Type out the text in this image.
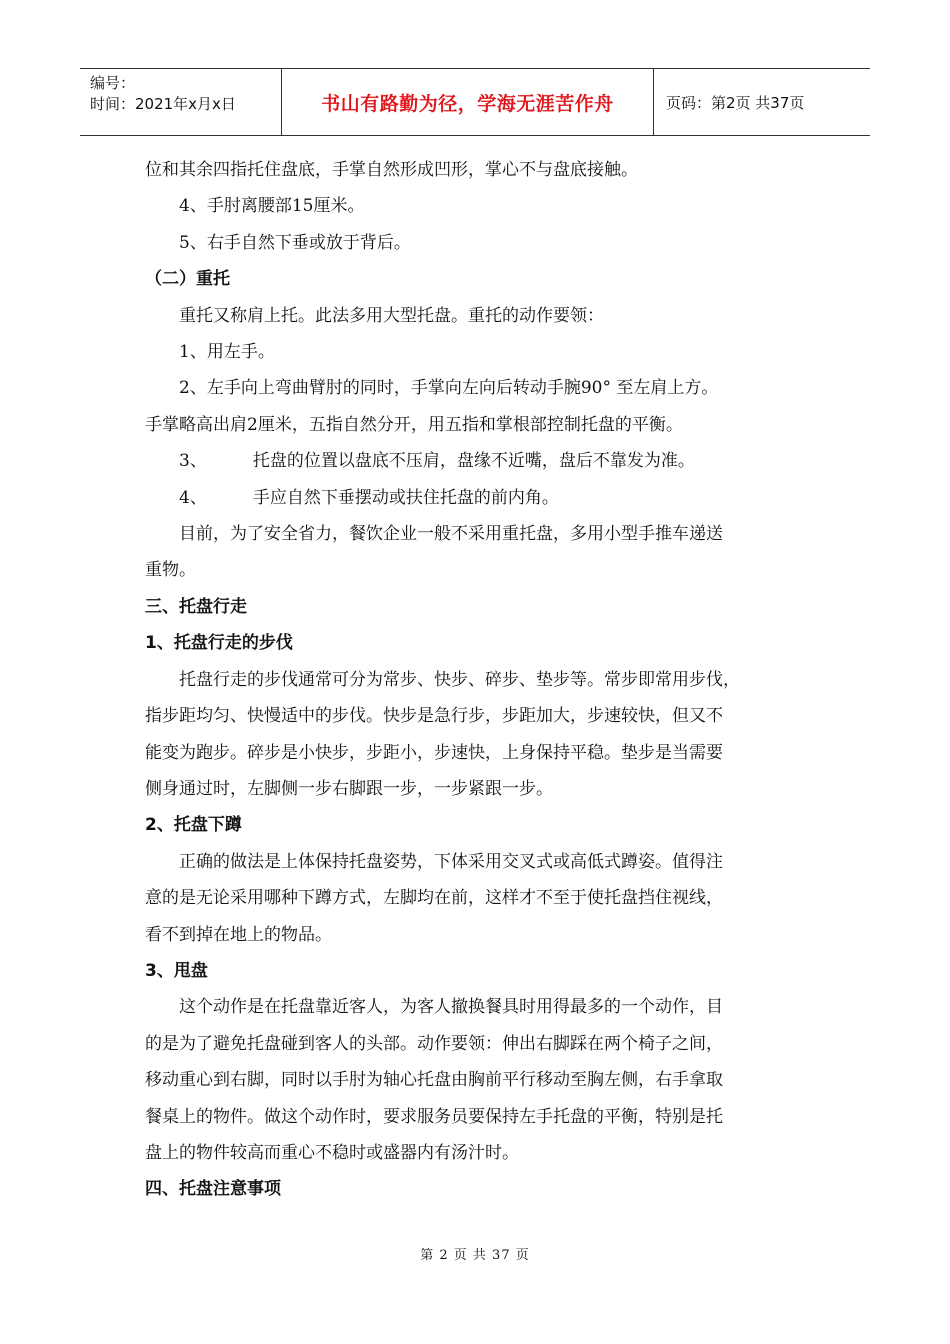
编号：
时间：2021年x月x日	书山有路勤为径，学海无涯苦作舟	页码：第2页 共37页

位和其余四指托住盘底，手掌自然形成凹形，掌心不与盘底接触。

4、手肘离腰部15厘米。

5、右手自然下垂或放于背后。

（二）重托

重托又称肩上托。此法多用大型托盘。重托的动作要领：

1、用左手。

2、左手向上弯曲臂肘的同时，手掌向左向后转动手腕90° 至左肩上方。

手掌略高出肩2厘米，五指自然分开，用五指和掌根部控制托盘的平衡。

3、	托盘的位置以盘底不压肩，盘缘不近嘴，盘后不靠发为准。

4、	手应自然下垂摆动或扶住托盘的前内角。

目前，为了安全省力，餐饮企业一般不采用重托盘，多用小型手推车递送

重物。

三、托盘行走

1、托盘行走的步伐

托盘行走的步伐通常可分为常步、快步、碎步、垫步等。常步即常用步伐，

指步距均匀、快慢适中的步伐。快步是急行步，步距加大，步速较快，但又不

能变为跑步。碎步是小快步，步距小，步速快，上身保持平稳。垫步是当需要

侧身通过时，左脚侧一步右脚跟一步，一步紧跟一步。

2、托盘下蹲

正确的做法是上体保持托盘姿势，下体采用交叉式或高低式蹲姿。值得注

意的是无论采用哪种下蹲方式，左脚均在前，这样才不至于使托盘挡住视线，

看不到掉在地上的物品。

3、甩盘

这个动作是在托盘靠近客人，为客人撤换餐具时用得最多的一个动作，目

的是为了避免托盘碰到客人的头部。动作要领：伸出右脚踩在两个椅子之间，

移动重心到右脚，同时以手肘为轴心托盘由胸前平行移动至胸左侧，右手拿取

餐桌上的物件。做这个动作时，要求服务员要保持左手托盘的平衡，特别是托

盘上的物件较高而重心不稳时或盛器内有汤汁时。

四、托盘注意事项

第 2 页 共 37 页
